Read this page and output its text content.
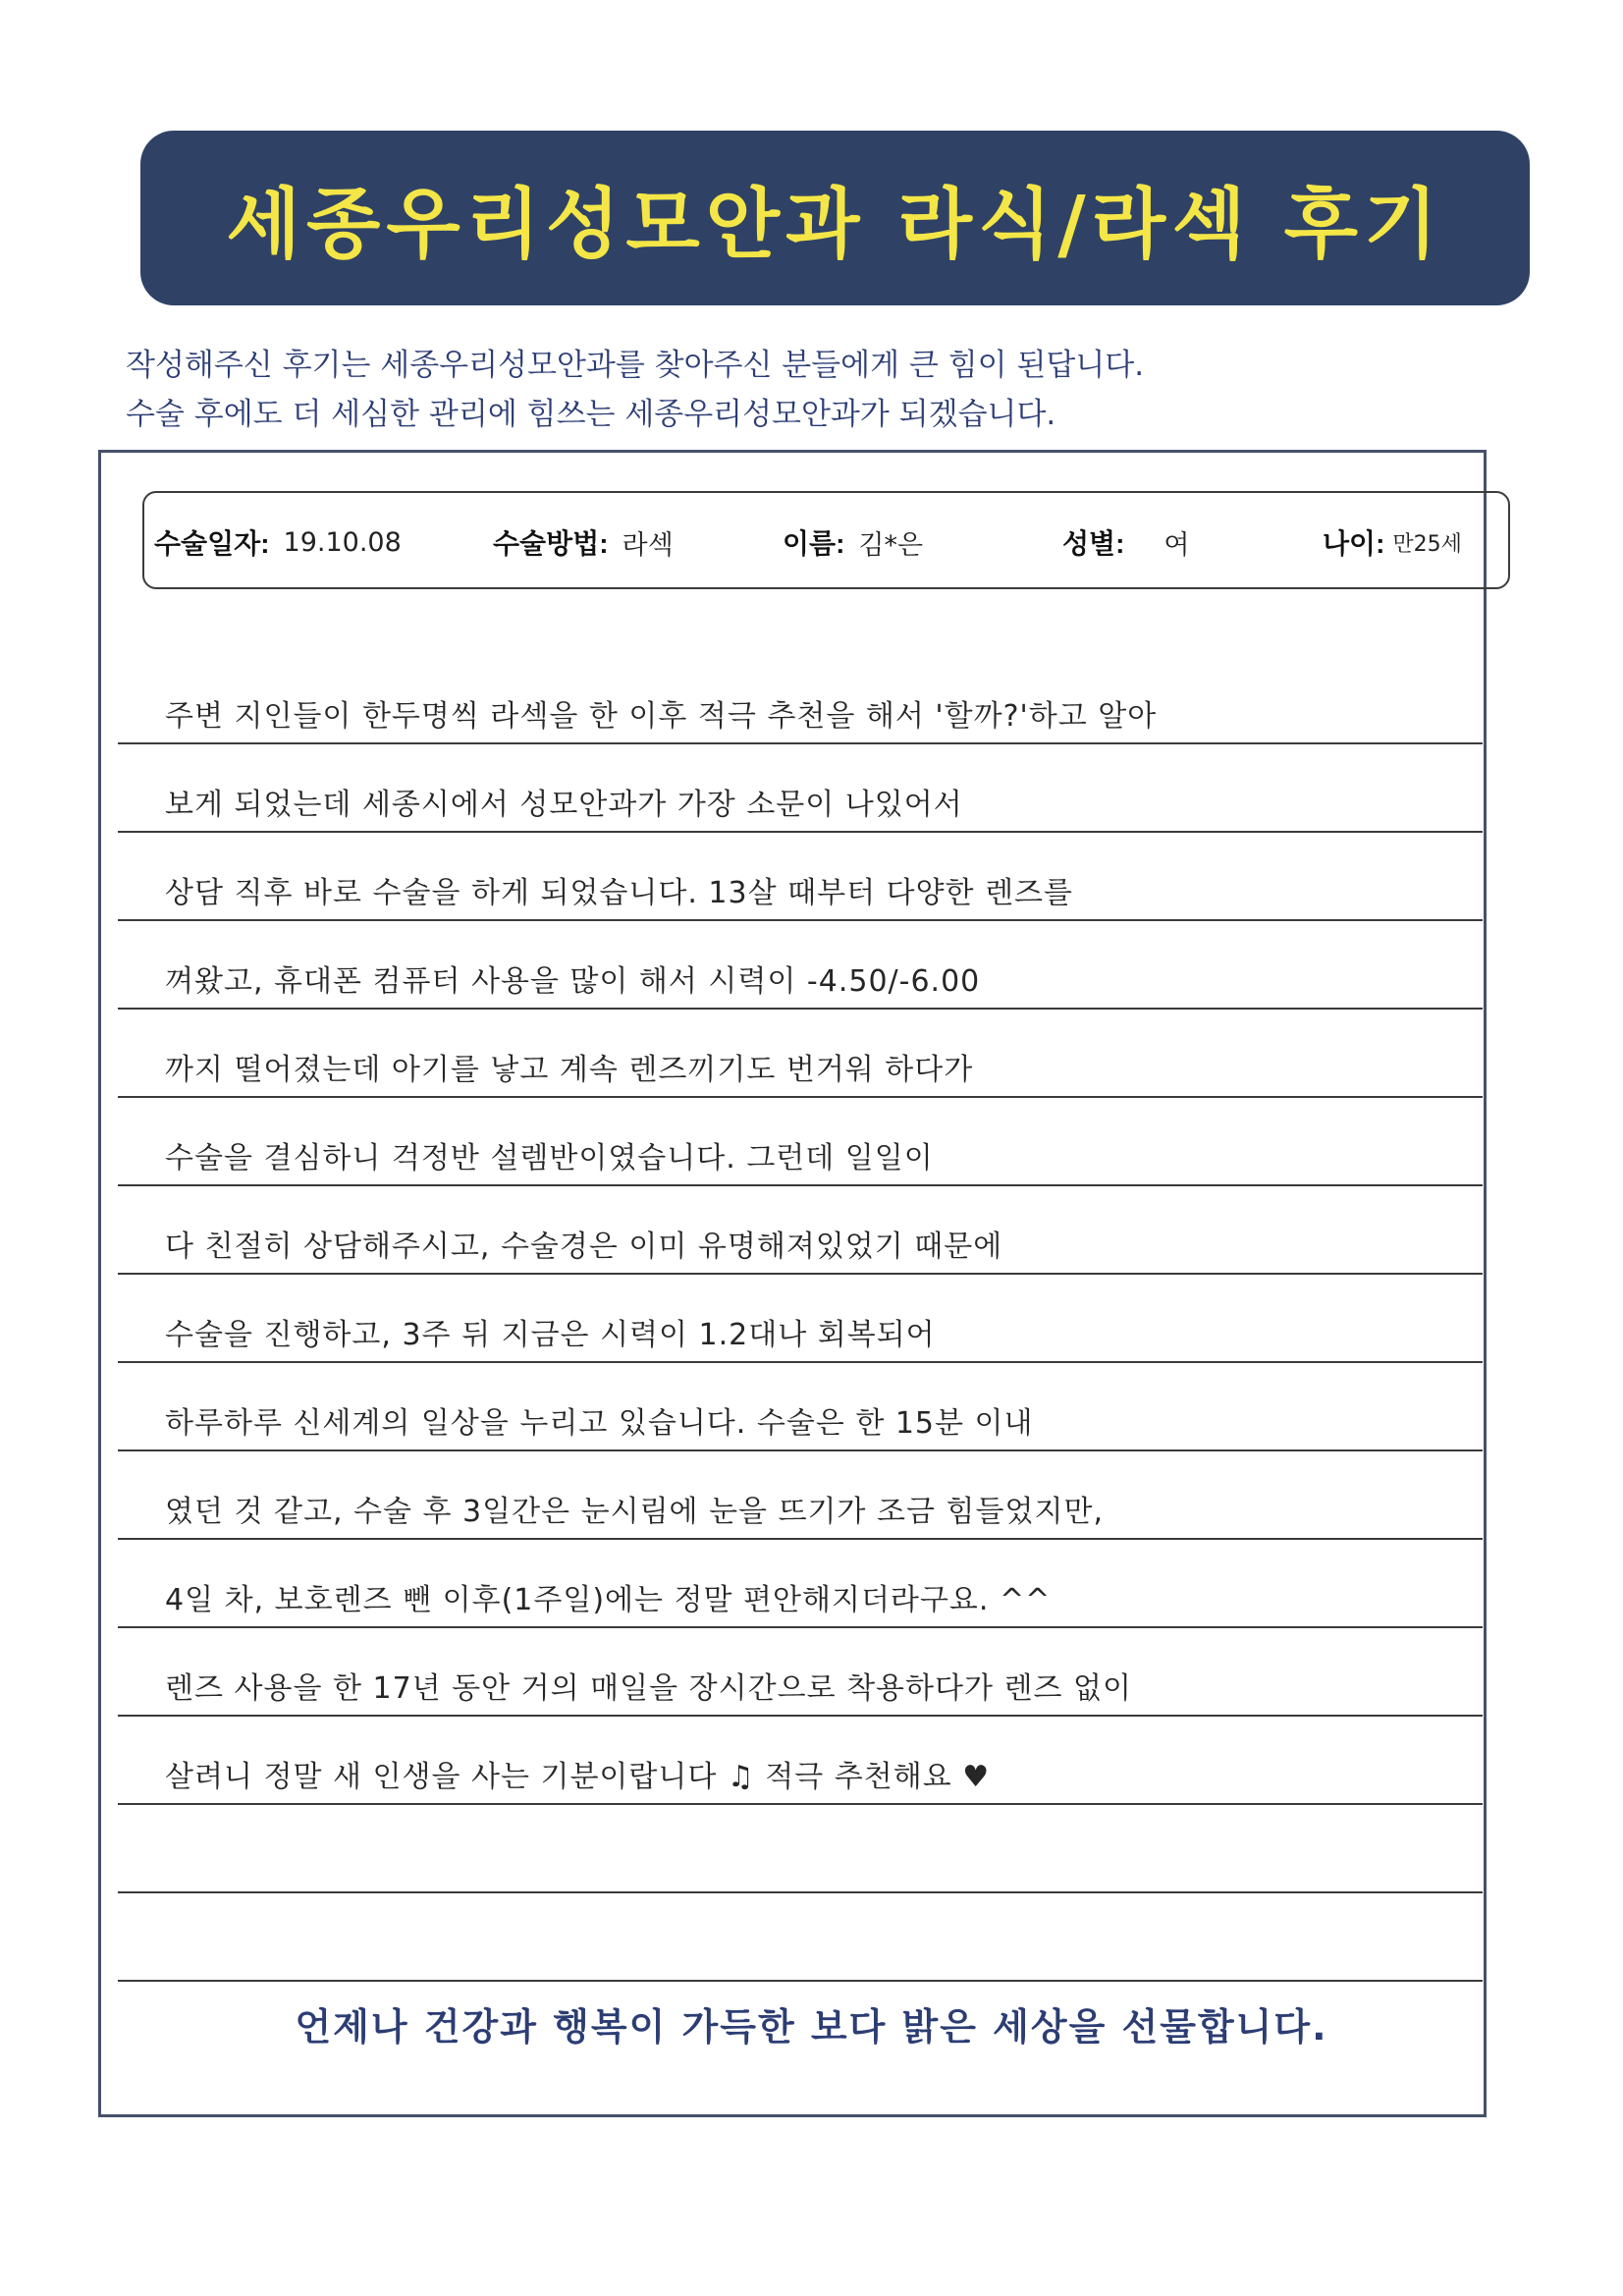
세종우리성모안과 라식/라섹 후기
작성해주신 후기는 세종우리성모안과를 찾아주신 분들에게 큰 힘이 된답니다.
수술 후에도 더 세심한 관리에 힘쓰는 세종우리성모안과가 되겠습니다.
수술일자: 19.10.08	수술방법: 라섹	이름: 김*은	성별: 여	나이: 만25세
주변 지인들이 한두명씩 라섹을 한 이후 적극 추천을 해서 '할까?'하고 알아
보게 되었는데 세종시에서 성모안과가 가장 소문이 나있어서
상담 직후 바로 수술을 하게 되었습니다. 13살 때부터 다양한 렌즈를
껴왔고, 휴대폰 컴퓨터 사용을 많이 해서 시력이 -4.50/-6.00
까지 떨어졌는데 아기를 낳고 계속 렌즈끼기도 번거워 하다가
수술을 결심하니 걱정반 설렘반이였습니다. 그런데 일일이
다 친절히 상담해주시고, 수술경은 이미 유명해져있었기 때문에
수술을 진행하고, 3주 뒤 지금은 시력이 1.2대나 회복되어
하루하루 신세계의 일상을 누리고 있습니다. 수술은 한 15분 이내
였던 것 같고, 수술 후 3일간은 눈시림에 눈을 뜨기가 조금 힘들었지만,
4일 차, 보호렌즈 뺀 이후(1주일)에는 정말 편안해지더라구요. ^^
렌즈 사용을 한 17년 동안 거의 매일을 장시간으로 착용하다가 렌즈 없이
살려니 정말 새 인생을 사는 기분이랍니다 ♫ 적극 추천해요 ♥
언제나 건강과 행복이 가득한 보다 밝은 세상을 선물합니다.
